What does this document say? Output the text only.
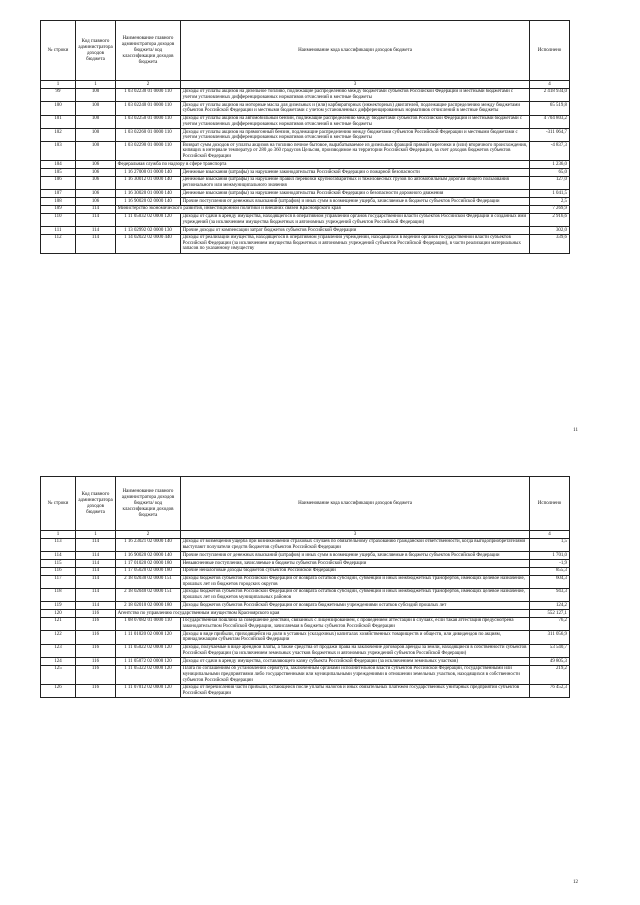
№ строки	Код главного администратора доходов бюджета	Наименование главного администратора доходов бюджета/ код классификации доходов бюджета	Наименование кода классификации доходов бюджета	Исполнено
1	1	2	3	4
99	100	1 03 02230 01 0000 110	Доходы от уплаты акцизов на дизельное топливо, подлежащие распределению между бюджетами субъектов Российской Федерации и местными бюджетами с учетом установленных дифференцированных нормативов отчислений в местные бюджеты	2 418 934,0
100	100	1 03 02240 01 0000 110	Доходы от уплаты акцизов на моторные масла для дизельных и (или) карбюраторных (инжекторных) двигателей, подлежащие распределению между бюджетами субъектов Российской Федерации и местными бюджетами с учетом установленных дифференцированных нормативов отчислений в местные бюджеты	65 519,8
101	100	1 03 02250 01 0000 110	Доходы от уплаты акцизов на автомобильный бензин, подлежащие распределению между бюджетами субъектов Российской Федерации и местными бюджетами с учетом установленных дифференцированных нормативов отчислений в местные бюджеты	4 704 803,2
102	100	1 03 02260 01 0000 110	Доходы от уплаты акцизов на прямогонный бензин, подлежащие распределению между бюджетами субъектов Российской Федерации и местными бюджетами с учетом установленных дифференцированных нормативов отчислений в местные бюджеты	-311 064,7
103	100	1 03 02290 01 0000 110	Возврат сумм доходов от уплаты акцизов на топливо печное бытовое, вырабатываемое из дизельных фракций прямой перегонки и (или) вторичного происхождения, кипящих в интервале температур от 280 до 360 градусов Цельсия, производимое на территории Российской Федерации, за счет доходов бюджетов субъектов Российской Федерации	-4 837,3
104	106	Федеральная служба по надзору в сфере транспорта		1 236,0
105	106	1 16 27000 01 0000 140	Денежные взыскания (штрафы) за нарушение законодательства Российской Федерации о пожарной безопасности	65,0
106	106	1 16 30012 01 0000 140	Денежные взыскания (штрафы) за нарушение правил перевозки крупногабаритных и тяжеловесных грузов по автомобильным дорогам общего пользования регионального или межмуниципального значения	127,0
107	106	1 16 30020 01 0000 140	Денежные взыскания (штрафы) за нарушение законодательства Российской Федерации о безопасности дорожного движения	1 041,5
108	106	1 16 90020 02 0000 140	Прочие поступления от денежных взысканий (штрафов) и иных сумм в возмещение ущерба, зачисляемые в бюджеты субъектов Российской Федерации	2,5
109	114	Министерство экономического развития, инвестиционной политики и внешних связей Красноярского края		7 269,9
110	114	1 11 05032 02 0000 120	Доходы от сдачи в аренду имущества, находящегося в оперативном управлении органов государственной власти субъектов Российской Федерации и созданных ими учреждений (за исключением имущества бюджетных и автономных учреждений субъектов Российской Федерации)	2 916,6
111	114	1 13 02992 02 0000 130	Прочие доходы от компенсации затрат бюджетов субъектов Российской Федерации	302,0
112	114	1 14 02022 02 0000 440	Доходы от реализации имущества, находящегося в оперативном управлении учреждений, находящихся в ведении органов государственной власти субъектов Российской Федерации (за исключением имущества бюджетных и автономных учреждений субъектов Российской Федерации), в части реализации материальных запасов по указанному имуществу	339,6
11
№ строки	Код главного администратора доходов бюджета	Наименование главного администратора доходов бюджета/ код классификации доходов бюджета	Наименование кода классификации доходов бюджета	Исполнено
1	1	2	3	4
113	114	1 16 23021 02 0000 140	Доходы от возмещения ущерба при возникновении страховых случаев по обязательному страхованию гражданской ответственности, когда выгодоприобретателями выступают получатели средств бюджетов субъектов Российской Федерации	1,5
114	114	1 16 90020 02 0000 140	Прочие поступления от денежных взысканий (штрафов) и иных сумм в возмещение ущерба, зачисляемые в бюджеты субъектов Российской Федерации	1 701,0
115	114	1 17 01020 02 0000 180	Невыясненные поступления, зачисляемые в бюджеты субъектов Российской Федерации	-1,9
116	114	1 17 05020 02 0000 180	Прочие неналоговые доходы бюджетов субъектов Российской Федерации	855,3
117	114	2 18 02030 02 0000 151	Доходы бюджетов субъектов Российской Федерации от возврата остатков субсидий, субвенций и иных межбюджетных трансфертов, имеющих целевое назначение, прошлых лет из бюджетов городских округов	604,3
118	114	2 18 02040 02 0000 151	Доходы бюджетов субъектов Российской Федерации от возврата остатков субсидий, субвенций и иных межбюджетных трансфертов, имеющих целевое назначение, прошлых лет из бюджетов муниципальных районов	943,3
119	114	2 18 02010 02 0000 180	Доходы бюджетов субъектов Российской Федерации от возврата бюджетными учреждениями остатков субсидий прошлых лет	124,2
120	116	Агентство по управлению государственным имуществом Красноярского края		552 127,1
121	116	1 08 07082 01 0000 110	Государственная пошлина за совершение действий, связанных с лицензированием, с проведением аттестации в случаях, если такая аттестация предусмотрена законодательством Российской Федерации, зачисляемая в бюджеты субъектов Российской Федерации	76,2
122	116	1 11 01020 02 0000 120	Доходы в виде прибыли, приходящейся на доли в уставных (складочных) капиталах хозяйственных товариществ и обществ, или дивидендов по акциям, принадлежащим субъектам Российской Федерации	311 056,9
123	116	1 11 05022 02 0000 120	Доходы, получаемые в виде арендной платы, а также средства от продажи права на заключение договоров аренды за земли, находящиеся в собственности субъектов Российской Федерации (за исключением земельных участков бюджетных и автономных учреждений субъектов Российской Федерации)	53 540,7
124	116	1 11 05072 02 0000 120	Доходы от сдачи в аренду имущества, составляющего казну субъекта Российской Федерации (за исключением земельных участков)	49 805,3
125	116	1 11 05322 02 0000 120	Плата по соглашениям об установлении сервитута, заключенным органами исполнительной власти субъектов Российской Федерации, государственными или муниципальными предприятиями либо государственными или муниципальными учреждениями в отношении земельных участков, находящихся в собственности субъектов Российской Федерации	219,2
126	116	1 11 07012 02 0000 120	Доходы от перечисления части прибыли, остающейся после уплаты налогов и иных обязательных платежей государственных унитарных предприятий субъектов Российской Федерации	76 452,3
12
